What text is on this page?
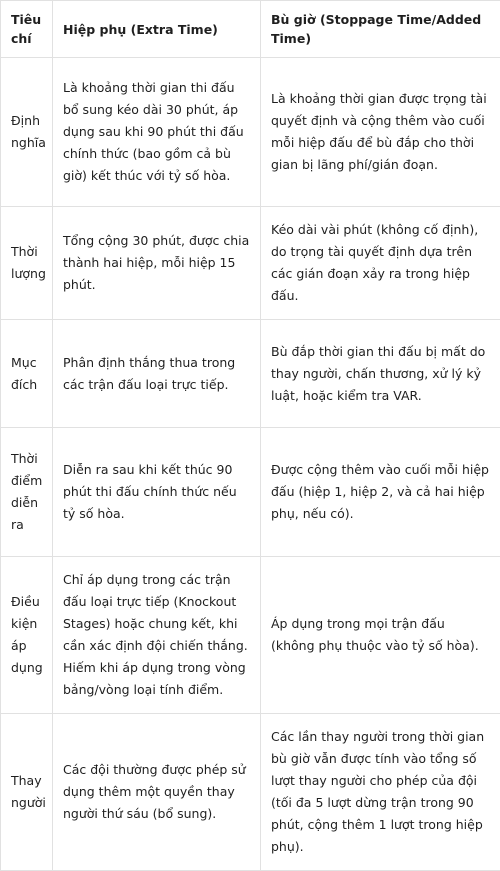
Tiêu chí	Hiệp phụ (Extra Time)	Bù giờ (Stoppage Time/Added Time)
Định nghĩa	Là khoảng thời gian thi đấu bổ sung kéo dài 30 phút, áp dụng sau khi 90 phút thi đấu chính thức (bao gồm cả bù giờ) kết thúc với tỷ số hòa.	Là khoảng thời gian được trọng tài quyết định và cộng thêm vào cuối mỗi hiệp đấu để bù đắp cho thời gian bị lãng phí/gián đoạn.
Thời lượng	Tổng cộng 30 phút, được chia thành hai hiệp, mỗi hiệp 15 phút.	Kéo dài vài phút (không cố định), do trọng tài quyết định dựa trên các gián đoạn xảy ra trong hiệp đấu.
Mục đích	Phân định thắng thua trong các trận đấu loại trực tiếp.	Bù đắp thời gian thi đấu bị mất do thay người, chấn thương, xử lý kỷ luật, hoặc kiểm tra VAR.
Thời điểm diễn ra	Diễn ra sau khi kết thúc 90 phút thi đấu chính thức nếu tỷ số hòa.	Được cộng thêm vào cuối mỗi hiệp đấu (hiệp 1, hiệp 2, và cả hai hiệp phụ, nếu có).
Điều kiện áp dụng	Chỉ áp dụng trong các trận đấu loại trực tiếp (Knockout Stages) hoặc chung kết, khi cần xác định đội chiến thắng. Hiếm khi áp dụng trong vòng bảng/vòng loại tính điểm.	Áp dụng trong mọi trận đấu (không phụ thuộc vào tỷ số hòa).
Thay người	Các đội thường được phép sử dụng thêm một quyền thay người thứ sáu (bổ sung).	Các lần thay người trong thời gian bù giờ vẫn được tính vào tổng số lượt thay người cho phép của đội (tối đa 5 lượt dừng trận trong 90 phút, cộng thêm 1 lượt trong hiệp phụ).
